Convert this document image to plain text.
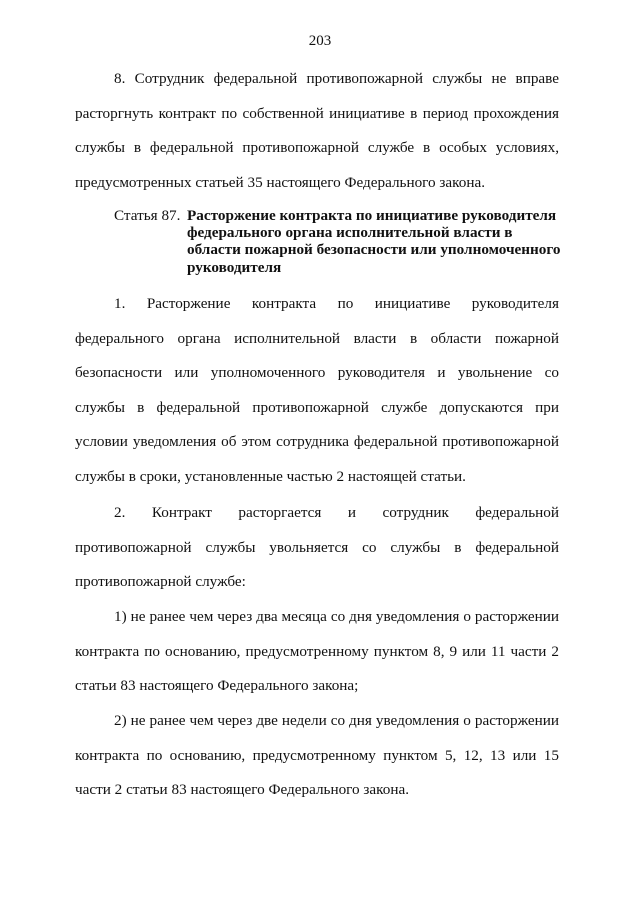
203

8. Сотрудник федеральной противопожарной службы не вправе расторгнуть контракт по собственной инициативе в период прохождения службы в федеральной противопожарной службе в особых условиях, предусмотренных статьей 35 настоящего Федерального закона.

Статья 87. Расторжение контракта по инициативе руководителя федерального органа исполнительной власти в области пожарной безопасности или уполномоченного руководителя

1. Расторжение контракта по инициативе руководителя федерального органа исполнительной власти в области пожарной безопасности или уполномоченного руководителя и увольнение со службы в федеральной противопожарной службе допускаются при условии уведомления об этом сотрудника федеральной противопожарной службы в сроки, установленные частью 2 настоящей статьи.

2. Контракт расторгается и сотрудник федеральной противопожарной службы увольняется со службы в федеральной противопожарной службе:

1) не ранее чем через два месяца со дня уведомления о расторжении контракта по основанию, предусмотренному пунктом 8, 9 или 11 части 2 статьи 83 настоящего Федерального закона;

2) не ранее чем через две недели со дня уведомления о расторжении контракта по основанию, предусмотренному пунктом 5, 12, 13 или 15 части 2 статьи 83 настоящего Федерального закона.
